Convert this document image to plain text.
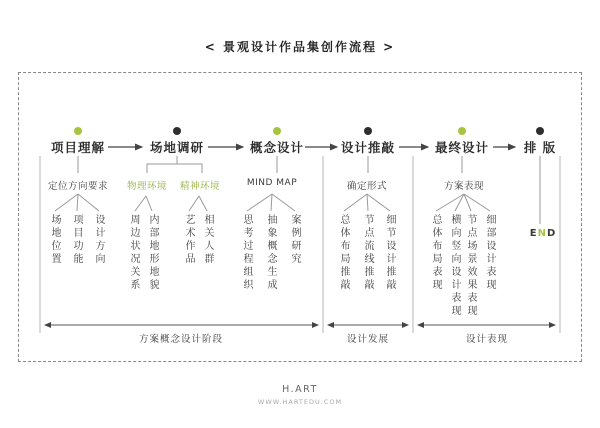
< 景观设计作品集创作流程 >
项目理解	场地调研	概念设计	设计推敲	最终设计	排 版
定位方向要求	物理环境	精神环境	MIND MAP	确定形式	方案表现
场地位置 项目功能 设计方向 周边状况关系 内部地形地貌	艺术作品 相关人群	思考过程组织 抽象概念生成 案例研究	总体布局推敲 节点流线推敲 细节设计推敲	总体布局表现 横向竖向设计表现 节点场景效果表现 细部设计表现	END
方案概念设计阶段	设计发展	设计表现
H.ART
WWW.HARTEDU.COM
